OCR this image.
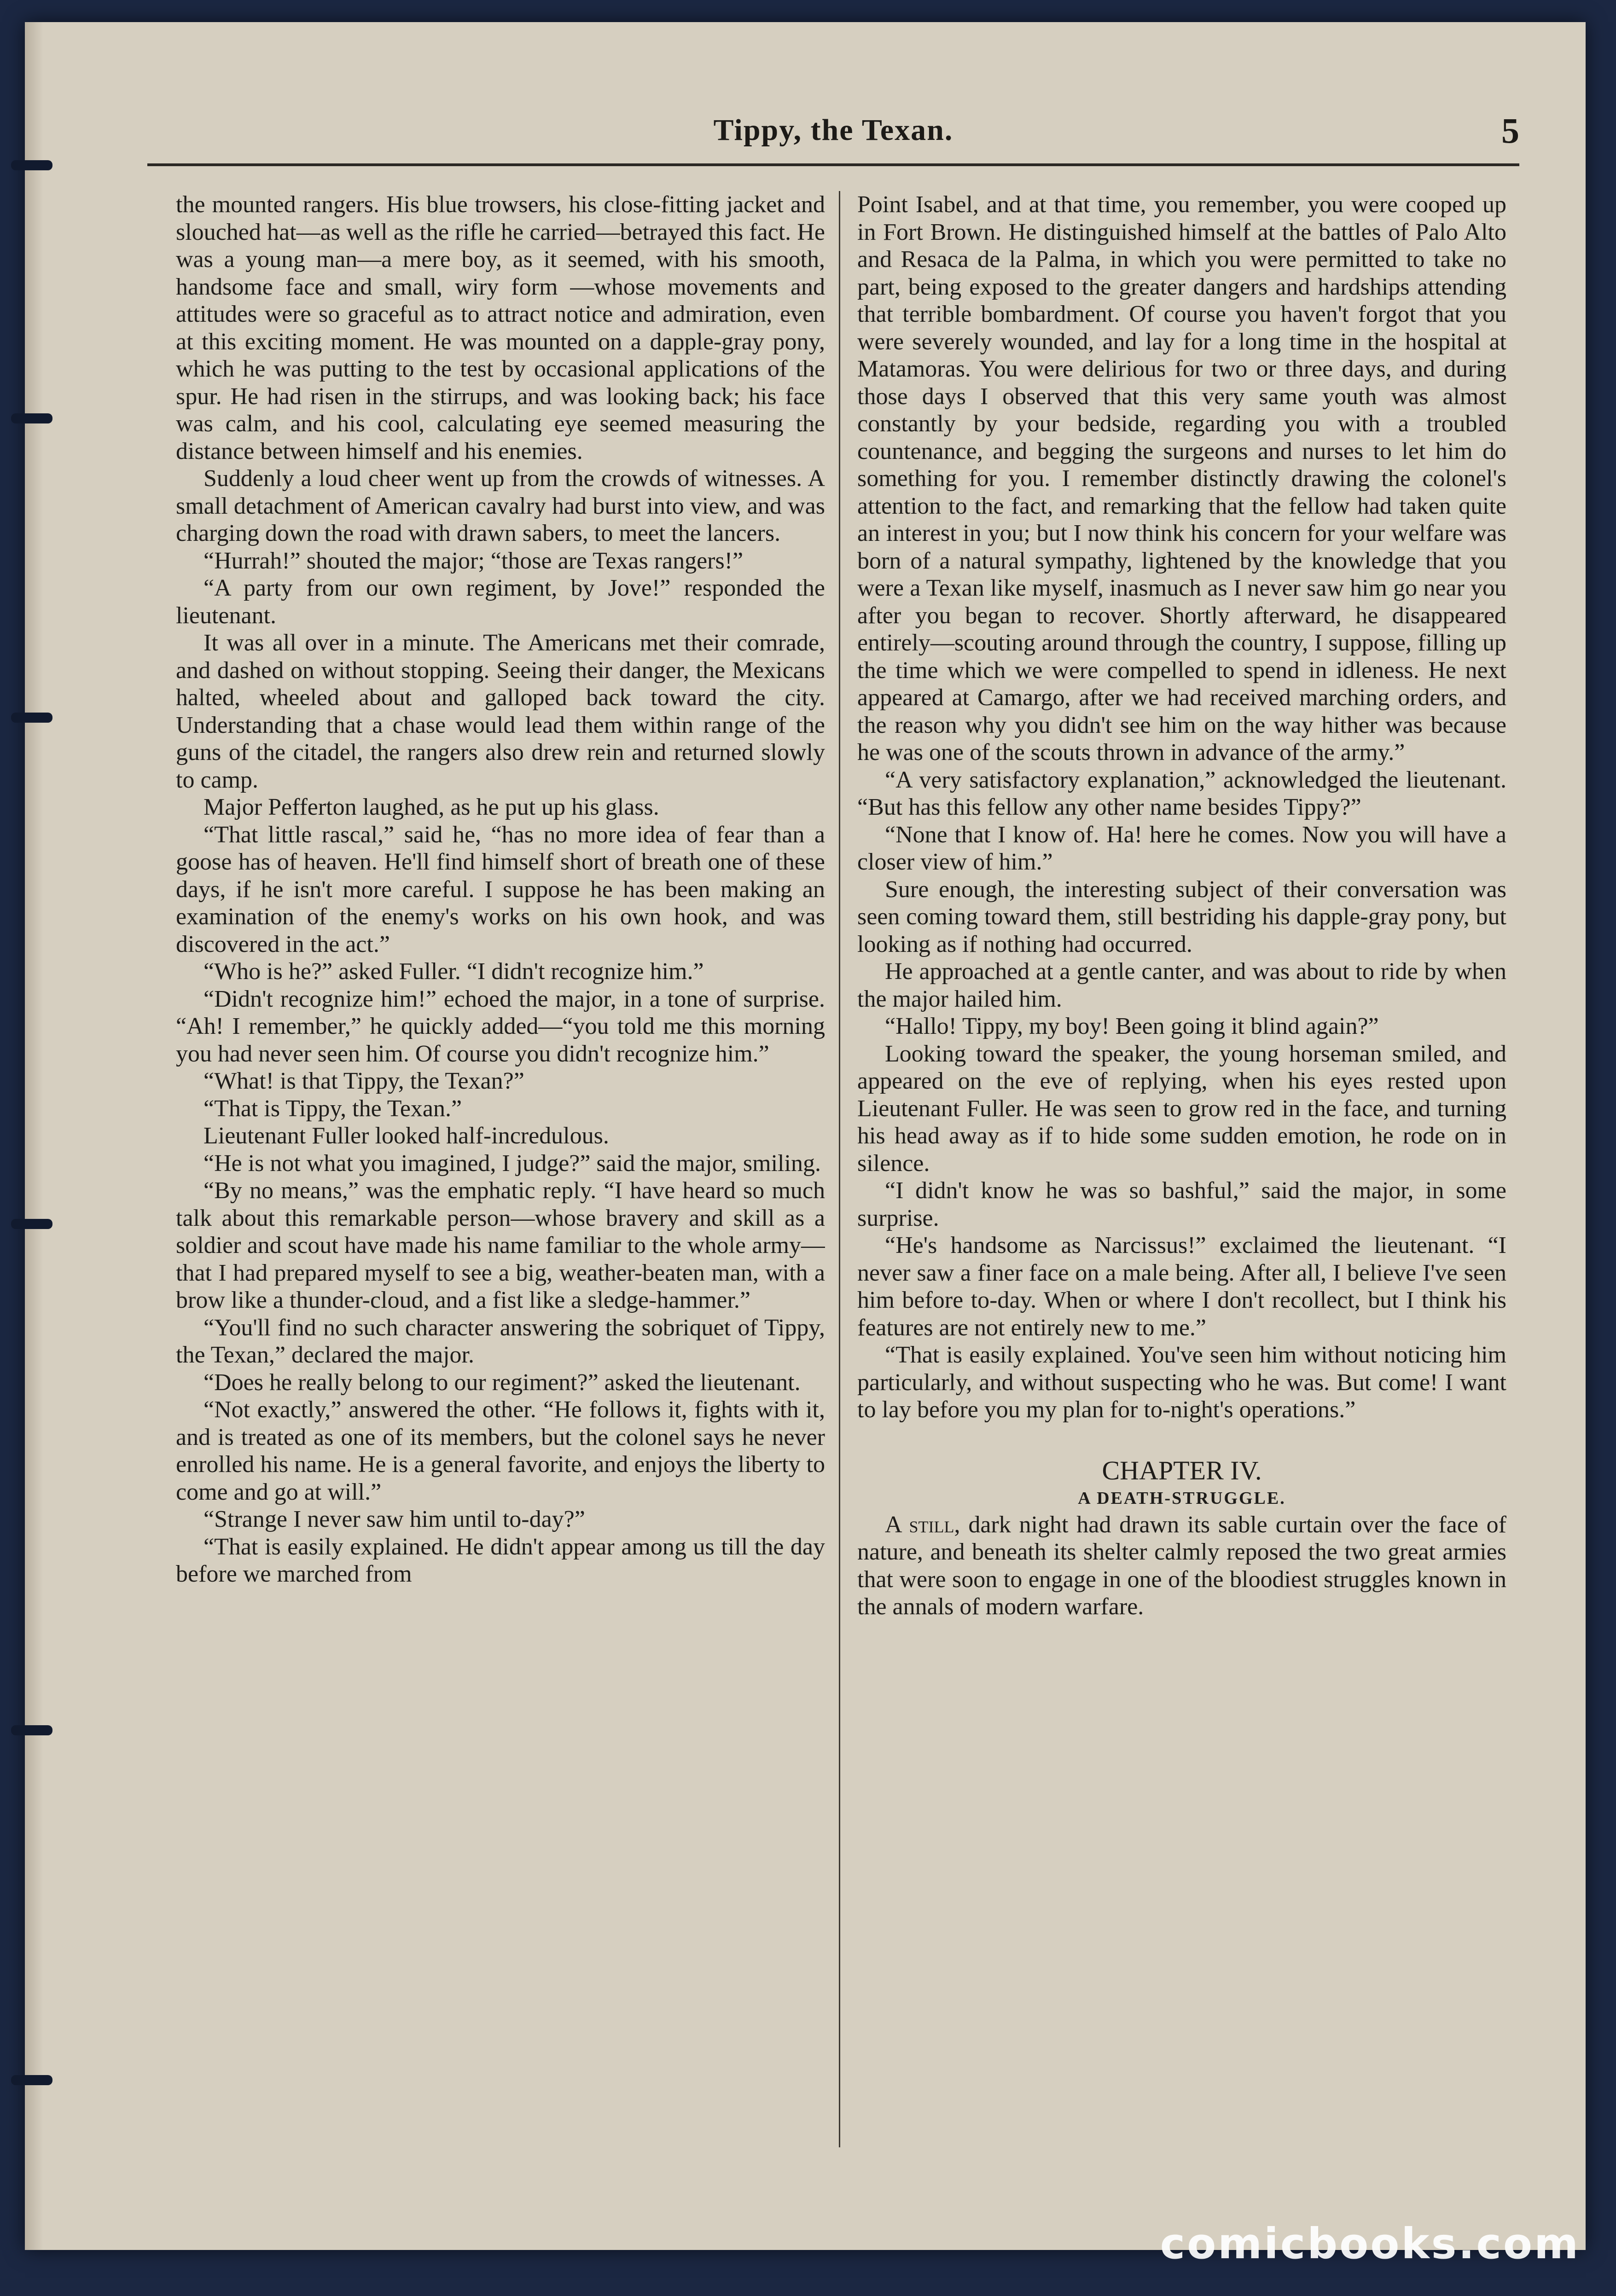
Tippy, the Texan.	5

the mounted rangers. His blue trowsers, his close-fitting jacket and slouched hat—as well as the rifle he carried—betrayed this fact. He was a young man—a mere boy, as it seemed, with his smooth, handsome face and small, wiry form —whose movements and attitudes were so graceful as to attract notice and admiration, even at this exciting moment. He was mounted on a dapple-gray pony, which he was putting to the test by occasional applications of the spur. He had risen in the stirrups, and was looking back; his face was calm, and his cool, calculating eye seemed measuring the distance between himself and his enemies.

Suddenly a loud cheer went up from the crowds of witnesses. A small detachment of American cavalry had burst into view, and was charging down the road with drawn sabers, to meet the lancers.

“Hurrah!” shouted the major; “those are Texas rangers!”

“A party from our own regiment, by Jove!” responded the lieutenant.

It was all over in a minute. The Americans met their comrade, and dashed on without stopping. Seeing their danger, the Mexicans halted, wheeled about and galloped back toward the city. Understanding that a chase would lead them within range of the guns of the citadel, the rangers also drew rein and returned slowly to camp.

Major Pefferton laughed, as he put up his glass.

“That little rascal,” said he, “has no more idea of fear than a goose has of heaven. He'll find himself short of breath one of these days, if he isn't more careful. I suppose he has been making an examination of the enemy's works on his own hook, and was discovered in the act.”

“Who is he?” asked Fuller. “I didn't recognize him.”

“Didn't recognize him!” echoed the major, in a tone of surprise. “Ah! I remember,” he quickly added—“you told me this morning you had never seen him. Of course you didn't recognize him.”

“What! is that Tippy, the Texan?”

“That is Tippy, the Texan.”

Lieutenant Fuller looked half-incredulous.

“He is not what you imagined, I judge?” said the major, smiling.

“By no means,” was the emphatic reply. “I have heard so much talk about this remarkable person—whose bravery and skill as a soldier and scout have made his name familiar to the whole army—that I had prepared myself to see a big, weather-beaten man, with a brow like a thunder-cloud, and a fist like a sledge-hammer.”

“You'll find no such character answering the sobriquet of Tippy, the Texan,” declared the major.

“Does he really belong to our regiment?” asked the lieutenant.

“Not exactly,” answered the other. “He follows it, fights with it, and is treated as one of its members, but the colonel says he never enrolled his name. He is a general favorite, and enjoys the liberty to come and go at will.”

“Strange I never saw him until to-day?”

“That is easily explained. He didn't appear among us till the day before we marched from

Point Isabel, and at that time, you remember, you were cooped up in Fort Brown. He distinguished himself at the battles of Palo Alto and Resaca de la Palma, in which you were permitted to take no part, being exposed to the greater dangers and hardships attending that terrible bombardment. Of course you haven't forgot that you were severely wounded, and lay for a long time in the hospital at Matamoras. You were delirious for two or three days, and during those days I observed that this very same youth was almost constantly by your bedside, regarding you with a troubled countenance, and begging the surgeons and nurses to let him do something for you. I remember distinctly drawing the colonel's attention to the fact, and remarking that the fellow had taken quite an interest in you; but I now think his concern for your welfare was born of a natural sympathy, lightened by the knowledge that you were a Texan like myself, inasmuch as I never saw him go near you after you began to recover. Shortly afterward, he disappeared entirely—scouting around through the country, I suppose, filling up the time which we were compelled to spend in idleness. He next appeared at Camargo, after we had received marching orders, and the reason why you didn't see him on the way hither was because he was one of the scouts thrown in advance of the army.”

“A very satisfactory explanation,” acknowledged the lieutenant. “But has this fellow any other name besides Tippy?”

“None that I know of. Ha! here he comes. Now you will have a closer view of him.”

Sure enough, the interesting subject of their conversation was seen coming toward them, still bestriding his dapple-gray pony, but looking as if nothing had occurred.

He approached at a gentle canter, and was about to ride by when the major hailed him.

“Hallo! Tippy, my boy! Been going it blind again?”

Looking toward the speaker, the young horseman smiled, and appeared on the eve of replying, when his eyes rested upon Lieutenant Fuller. He was seen to grow red in the face, and turning his head away as if to hide some sudden emotion, he rode on in silence.

“I didn't know he was so bashful,” said the major, in some surprise.

“He's handsome as Narcissus!” exclaimed the lieutenant. “I never saw a finer face on a male being. After all, I believe I've seen him before to-day. When or where I don't recollect, but I think his features are not entirely new to me.”

“That is easily explained. You've seen him without noticing him particularly, and without suspecting who he was. But come! I want to lay before you my plan for to-night's operations.”

CHAPTER IV.
A DEATH-STRUGGLE.

A still, dark night had drawn its sable curtain over the face of nature, and beneath its shelter calmly reposed the two great armies that were soon to engage in one of the bloodiest struggles known in the annals of modern warfare.

comicbooks.com
